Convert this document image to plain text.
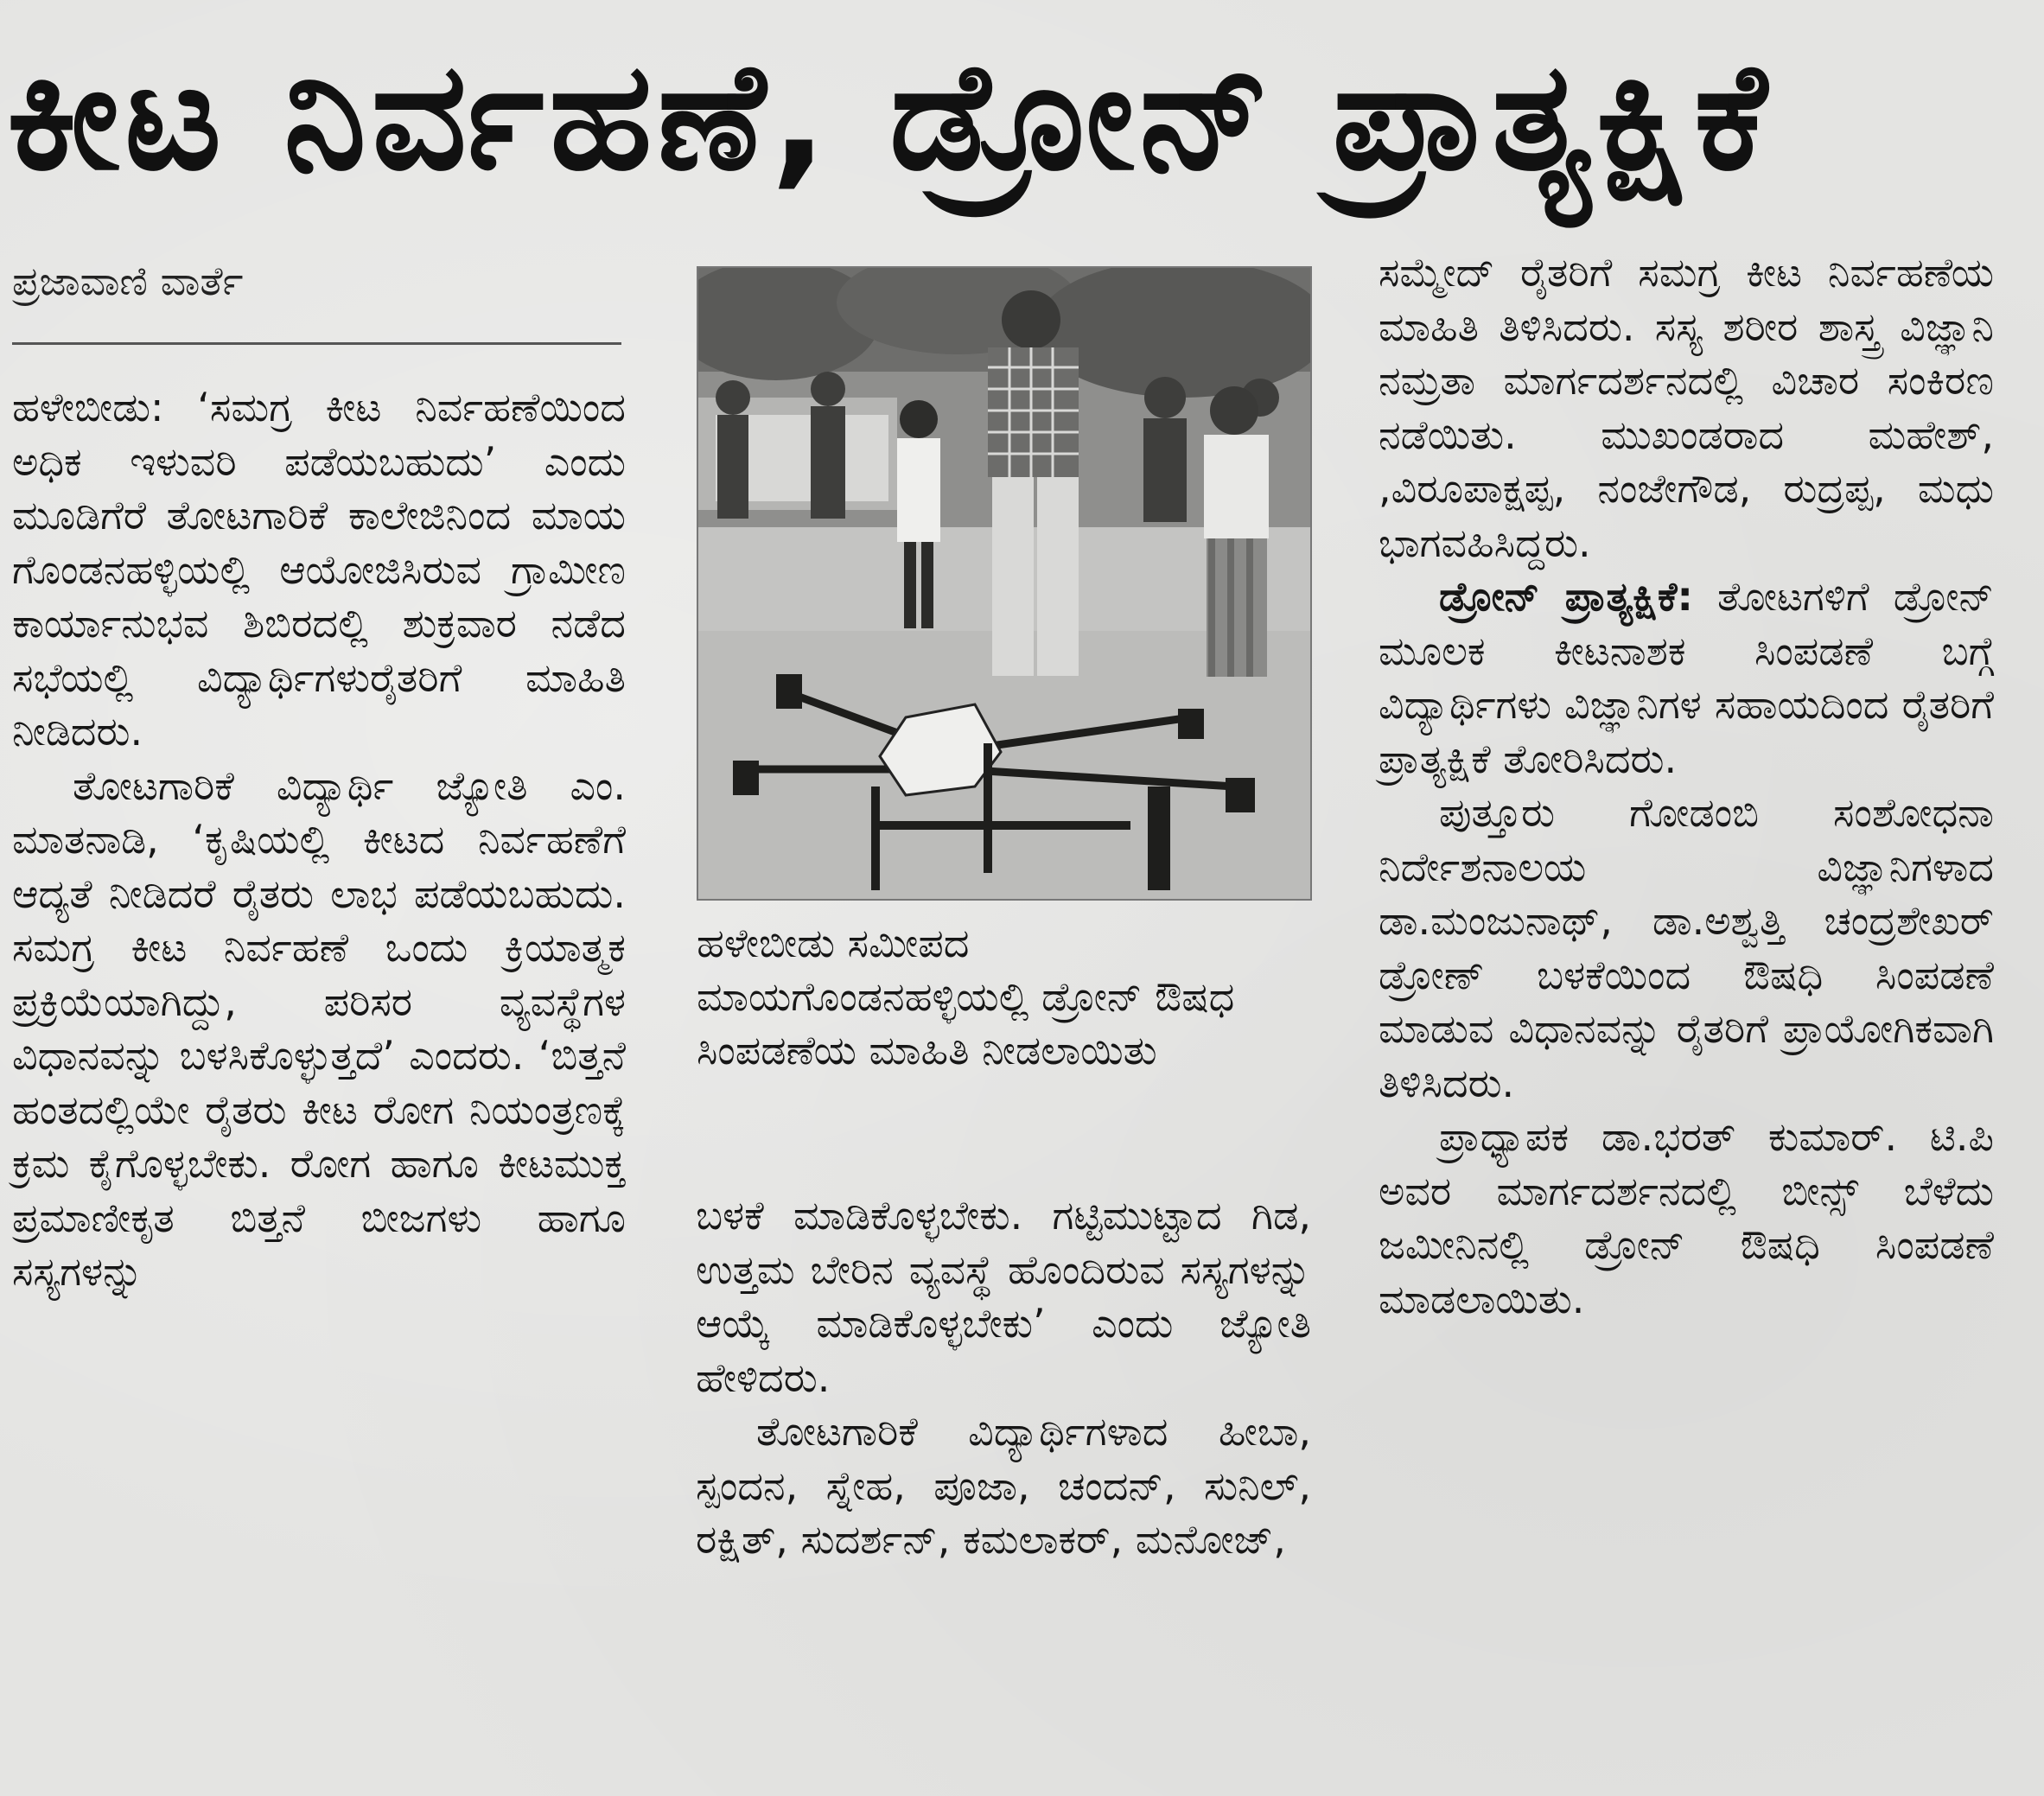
ಕೀಟ ನಿರ್ವಹಣೆ, ಡ್ರೋನ್ ಪ್ರಾತ್ಯಕ್ಷಿಕೆ
ಪ್ರಜಾವಾಣಿ ವಾರ್ತೆ

ಹಳೇಬೀಡು: ‘ಸಮಗ್ರ ಕೀಟ ನಿರ್ವಹಣೆಯಿಂದ ಅಧಿಕ ಇಳುವರಿ ಪಡೆಯಬಹುದು’ ಎಂದು ಮೂಡಿಗೆರೆ ತೋಟಗಾರಿಕೆ ಕಾಲೇಜಿನಿಂದ ಮಾಯ ಗೊಂಡನಹಳ್ಳಿಯಲ್ಲಿ ಆಯೋಜಿಸಿರುವ ಗ್ರಾಮೀಣ ಕಾರ್ಯಾನುಭವ ಶಿಬಿರದಲ್ಲಿ ಶುಕ್ರವಾರ ನಡೆದ ಸಭೆಯಲ್ಲಿ ವಿದ್ಯಾರ್ಥಿಗಳುರೈತರಿಗೆ ಮಾಹಿತಿ ನೀಡಿದರು.

ತೋಟಗಾರಿಕೆ ವಿದ್ಯಾರ್ಥಿ ಜ್ಯೋತಿ ಎಂ. ಮಾತನಾಡಿ, ‘ಕೃಷಿಯಲ್ಲಿ ಕೀಟದ ನಿರ್ವಹಣೆಗೆ ಆದ್ಯತೆ ನೀಡಿದರೆ ರೈತರು ಲಾಭ ಪಡೆಯಬಹುದು. ಸಮಗ್ರ ಕೀಟ ನಿರ್ವಹಣೆ ಒಂದು ಕ್ರಿಯಾತ್ಮಕ ಪ್ರಕ್ರಿಯೆಯಾಗಿದ್ದು, ಪರಿಸರ ವ್ಯವಸ್ಥೆಗಳ ವಿಧಾನವನ್ನು ಬಳಸಿಕೊಳ್ಳುತ್ತದೆ’ ಎಂದರು. ‘ಬಿತ್ತನೆ ಹಂತದಲ್ಲಿಯೇ ರೈತರು ಕೀಟ ರೋಗ ನಿಯಂತ್ರಣಕ್ಕೆ ಕ್ರಮ ಕೈಗೊಳ್ಳಬೇಕು. ರೋಗ ಹಾಗೂ ಕೀಟಮುಕ್ತ ಪ್ರಮಾಣೀಕೃತ ಬಿತ್ತನೆ ಬೀಜಗಳು ಹಾಗೂ ಸಸ್ಯಗಳನ್ನು

ಹಳೇಬೀಡು ಸಮೀಪದ ಮಾಯಗೊಂಡನಹಳ್ಳಿಯಲ್ಲಿ ಡ್ರೋನ್ ಔಷಧ ಸಿಂಪಡಣೆಯ ಮಾಹಿತಿ ನೀಡಲಾಯಿತು

ಬಳಕೆ ಮಾಡಿಕೊಳ್ಳಬೇಕು. ಗಟ್ಟಿಮುಟ್ಟಾದ ಗಿಡ, ಉತ್ತಮ ಬೇರಿನ ವ್ಯವಸ್ಥೆ ಹೊಂದಿರುವ ಸಸ್ಯಗಳನ್ನು ಆಯ್ಕೆ ಮಾಡಿಕೊಳ್ಳಬೇಕು’ ಎಂದು ಜ್ಯೋತಿ ಹೇಳಿದರು.

ತೋಟಗಾರಿಕೆ ವಿದ್ಯಾರ್ಥಿಗಳಾದ ಹೀಬಾ, ಸ್ಪಂದನ, ಸ್ನೇಹ, ಪೂಜಾ, ಚಂದನ್, ಸುನಿಲ್, ರಕ್ಷಿತ್, ಸುದರ್ಶನ್, ಕಮಲಾಕರ್, ಮನೋಜ್,

ಸಮ್ಮೇದ್ ರೈತರಿಗೆ ಸಮಗ್ರ ಕೀಟ ನಿರ್ವಹಣೆಯ ಮಾಹಿತಿ ತಿಳಿಸಿದರು. ಸಸ್ಯ ಶರೀರ ಶಾಸ್ತ್ರ ವಿಜ್ಞಾನಿ ನಮ್ರತಾ ಮಾರ್ಗದರ್ಶನದಲ್ಲಿ ವಿಚಾರ ಸಂಕಿರಣ ನಡೆಯಿತು. ಮುಖಂಡರಾದ ಮಹೇಶ್, ,ವಿರೂಪಾಕ್ಷಪ್ಪ, ನಂಜೇಗೌಡ, ರುದ್ರಪ್ಪ, ಮಧು ಭಾಗವಹಿಸಿದ್ದರು.

ಡ್ರೋನ್ ಪ್ರಾತ್ಯಕ್ಷಿಕೆ: ತೋಟಗಳಿಗೆ ಡ್ರೋನ್ ಮೂಲಕ ಕೀಟನಾಶಕ ಸಿಂಪಡಣೆ ಬಗ್ಗೆ ವಿದ್ಯಾರ್ಥಿಗಳು ವಿಜ್ಞಾನಿಗಳ ಸಹಾಯದಿಂದ ರೈತರಿಗೆ ಪ್ರಾತ್ಯಕ್ಷಿಕೆ ತೋರಿಸಿದರು.

ಪುತ್ತೂರು ಗೋಡಂಬಿ ಸಂಶೋಧನಾ ನಿರ್ದೇಶನಾಲಯ ವಿಜ್ಞಾನಿಗಳಾದ ಡಾ.ಮಂಜುನಾಥ್, ಡಾ.ಅಶ್ವತ್ತಿ ಚಂದ್ರಶೇಖರ್ ಡ್ರೋಣ್ ಬಳಕೆಯಿಂದ ಔಷಧಿ ಸಿಂಪಡಣೆ ಮಾಡುವ ವಿಧಾನವನ್ನು ರೈತರಿಗೆ ಪ್ರಾಯೋಗಿಕವಾಗಿ ತಿಳಿಸಿದರು.

ಪ್ರಾಧ್ಯಾಪಕ ಡಾ.ಭರತ್ ಕುಮಾರ್. ಟಿ.ಪಿ ಅವರ ಮಾರ್ಗದರ್ಶನದಲ್ಲಿ ಬೀನ್ಸ್ ಬೆಳೆದು ಜಮೀನಿನಲ್ಲಿ ಡ್ರೋನ್ ಔಷಧಿ ಸಿಂಪಡಣೆ ಮಾಡಲಾಯಿತು.
